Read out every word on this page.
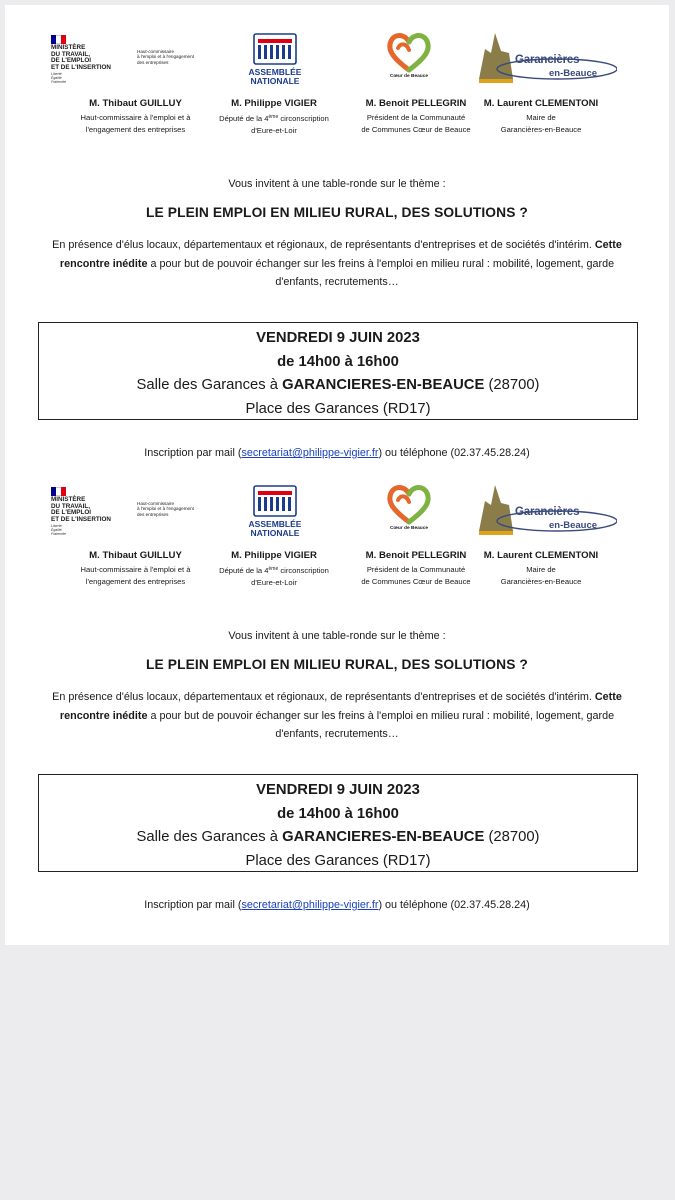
MINISTÈRE
DU TRAVAIL,
DE L'EMPLOI
ET DE L'INSERTION
Liberté
Égalité
Fraternité
Haut-commissaire
à l'emploi et à l'engagement
des entreprises
ASSEMBLÉE
NATIONALE	Cœur de Beauce
Garancières
en-Beauce
M. Thibaut GUILLUY
Haut-commissaire à l'emploi et à
l'engagement des entreprises
M. Philippe VIGIER
Député de la 4ème circonscription
d'Eure-et-Loir
M. Benoit PELLEGRIN
Président de la Communauté
de Communes Cœur de Beauce
M. Laurent CLEMENTONI
Maire de
Garancières-en-Beauce
Vous invitent à une table-ronde sur le thème :
LE PLEIN EMPLOI EN MILIEU RURAL, DES SOLUTIONS ?
En présence d'élus locaux, départementaux et régionaux, de représentants d'entreprises et de sociétés d'intérim. Cette rencontre inédite a pour but de pouvoir échanger sur les freins à l'emploi en milieu rural : mobilité, logement, garde d'enfants, recrutements…
VENDREDI 9 JUIN 2023
de 14h00 à 16h00
Salle des Garances à GARANCIERES-EN-BEAUCE (28700)
Place des Garances (RD17)
Inscription par mail (secretariat@philippe-vigier.fr) ou téléphone (02.37.45.28.24)
MINISTÈRE
DU TRAVAIL,
DE L'EMPLOI
ET DE L'INSERTION
Liberté
Égalité
Fraternité
Haut-commissaire
à l'emploi et à l'engagement
des entreprises
ASSEMBLÉE
NATIONALE	Cœur de Beauce
Garancières
en-Beauce
M. Thibaut GUILLUY
Haut-commissaire à l'emploi et à
l'engagement des entreprises
M. Philippe VIGIER
Député de la 4ème circonscription
d'Eure-et-Loir
M. Benoit PELLEGRIN
Président de la Communauté
de Communes Cœur de Beauce
M. Laurent CLEMENTONI
Maire de
Garancières-en-Beauce
Vous invitent à une table-ronde sur le thème :
LE PLEIN EMPLOI EN MILIEU RURAL, DES SOLUTIONS ?
En présence d'élus locaux, départementaux et régionaux, de représentants d'entreprises et de sociétés d'intérim. Cette rencontre inédite a pour but de pouvoir échanger sur les freins à l'emploi en milieu rural : mobilité, logement, garde d'enfants, recrutements…
VENDREDI 9 JUIN 2023
de 14h00 à 16h00
Salle des Garances à GARANCIERES-EN-BEAUCE (28700)
Place des Garances (RD17)
Inscription par mail (secretariat@philippe-vigier.fr) ou téléphone (02.37.45.28.24)
